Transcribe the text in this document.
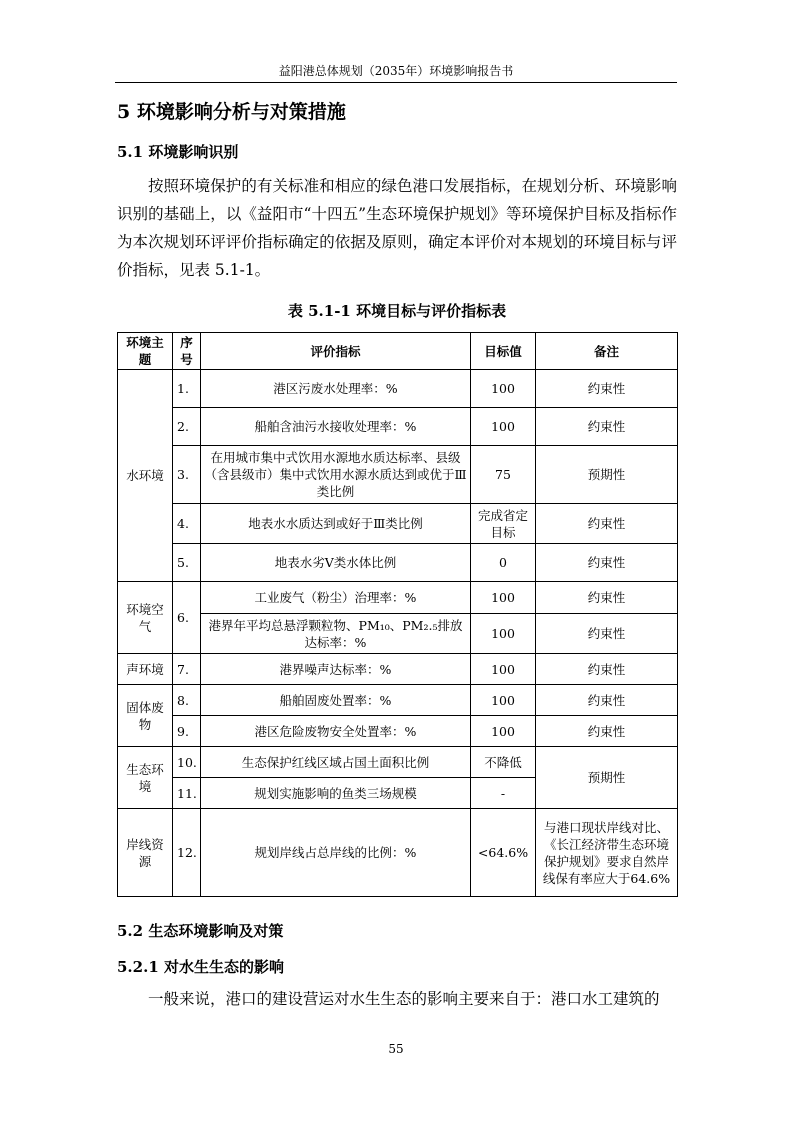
益阳港总体规划（2035年）环境影响报告书
5 环境影响分析与对策措施
5.1 环境影响识别
按照环境保护的有关标准和相应的绿色港口发展指标，在规划分析、环境影响识别的基础上，以《益阳市“十四五”生态环境保护规划》等环境保护目标及指标作为本次规划环评评价指标确定的依据及原则，确定本评价对本规划的环境目标与评价指标，见表 5.1-1。
表 5.1-1 环境目标与评价指标表
环境主题	序号	评价指标	目标值	备注
水环境	1.	港区污废水处理率：%	100	约束性
	2.	船舶含油污水接收处理率：%	100	约束性
	3.	在用城市集中式饮用水源地水质达标率、县级（含县级市）集中式饮用水源水质达到或优于Ⅲ类比例	75	预期性
	4.	地表水水质达到或好于Ⅲ类比例	完成省定目标	约束性
	5.	地表水劣Ⅴ类水体比例	0	约束性
环境空气	6.	工业废气（粉尘）治理率：%	100	约束性
		港界年平均总悬浮颗粒物、PM₁₀、PM₂.₅排放达标率：%	100	约束性
声环境	7.	港界噪声达标率：%	100	约束性
固体废物	8.	船舶固废处置率：%	100	约束性
	9.	港区危险废物安全处置率：%	100	约束性
生态环境	10.	生态保护红线区域占国土面积比例	不降低	预期性
	11.	规划实施影响的鱼类三场规模	-	
岸线资源	12.	规划岸线占总岸线的比例：%	<64.6%	与港口现状岸线对比、《长江经济带生态环境保护规划》要求自然岸线保有率应大于64.6%
5.2 生态环境影响及对策
5.2.1 对水生生态的影响
一般来说，港口的建设营运对水生生态的影响主要来自于：港口水工建筑的
55
